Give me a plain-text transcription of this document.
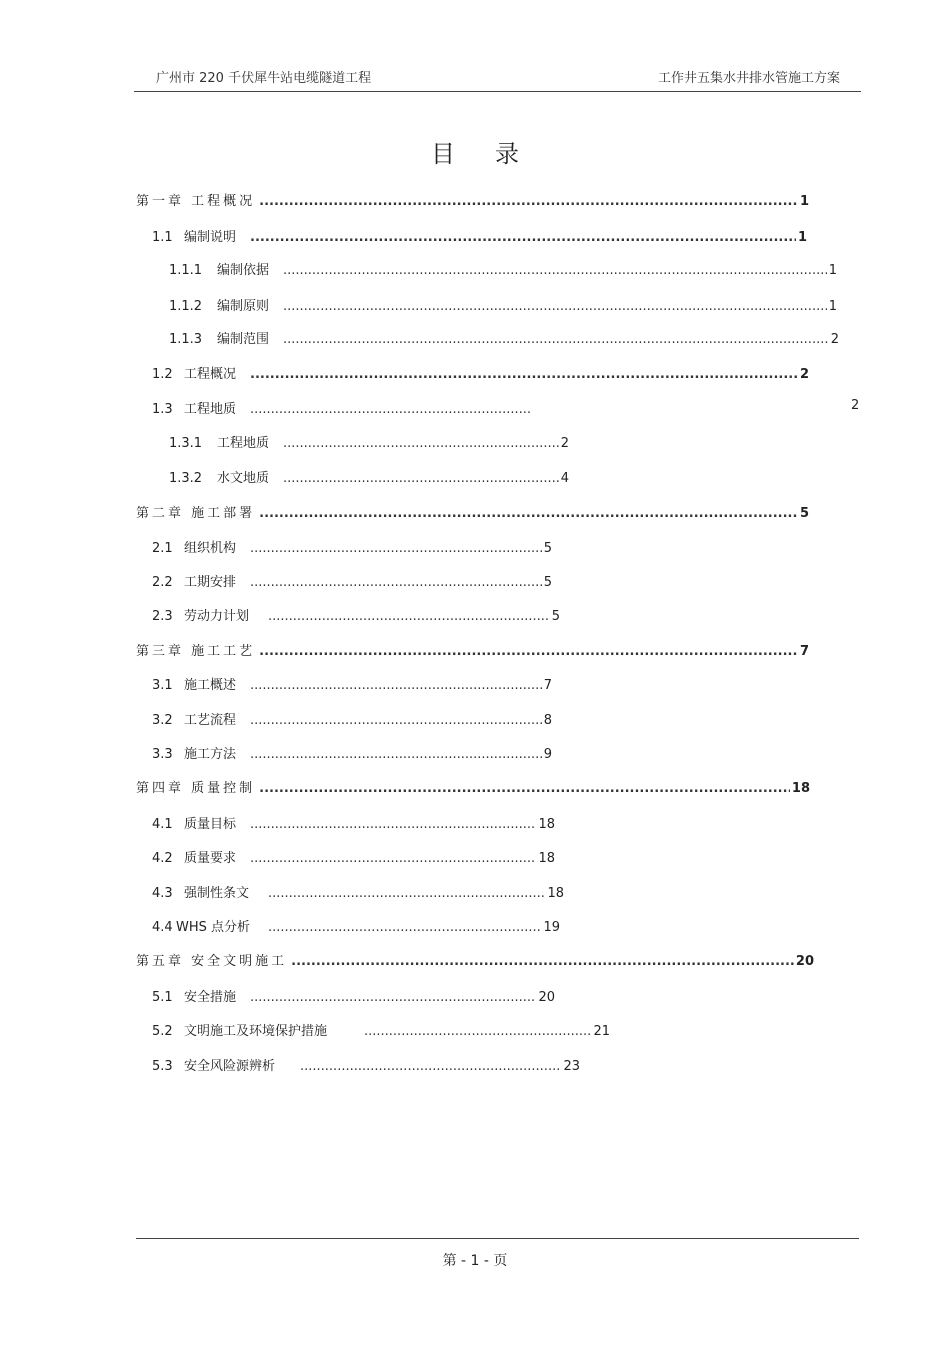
广州市 220 千伏犀牛站电缆隧道工程	工作井五集水井排水管施工方案
目录
第一章 工程概况 .....	1
1.1 编制说明 .....	1
1.1.1	编制依据 .....	1
1.1.2	编制原则 .....	1
1.1.3	编制范围 .....	2
1.2 工程概况 .....	2
1.3 工程地质 .....	2
1.3.1	工程地质 .....	2
1.3.2	水文地质 .....	4
第二章 施工部署 .....	5
2.1 组织机构 .....	5
2.2 工期安排 .....	5
2.3 劳动力计划 .....	5
第三章 施工工艺 .....	7
3.1 施工概述 .....	7
3.2 工艺流程 .....	8
3.3 施工方法 .....	9
第四章 质量控制 .....	18
4.1 质量目标 .....	18
4.2 质量要求 .....	18
4.3 强制性条文 .....	18
4.4 WHS 点分析 .....	19
第五章 安全文明施工 .....	20
5.1 安全措施 .....	20
5.2 文明施工及环境保护措施 .....	21
5.3 安全风险源辨析 .....	23
第 - 1 - 页
